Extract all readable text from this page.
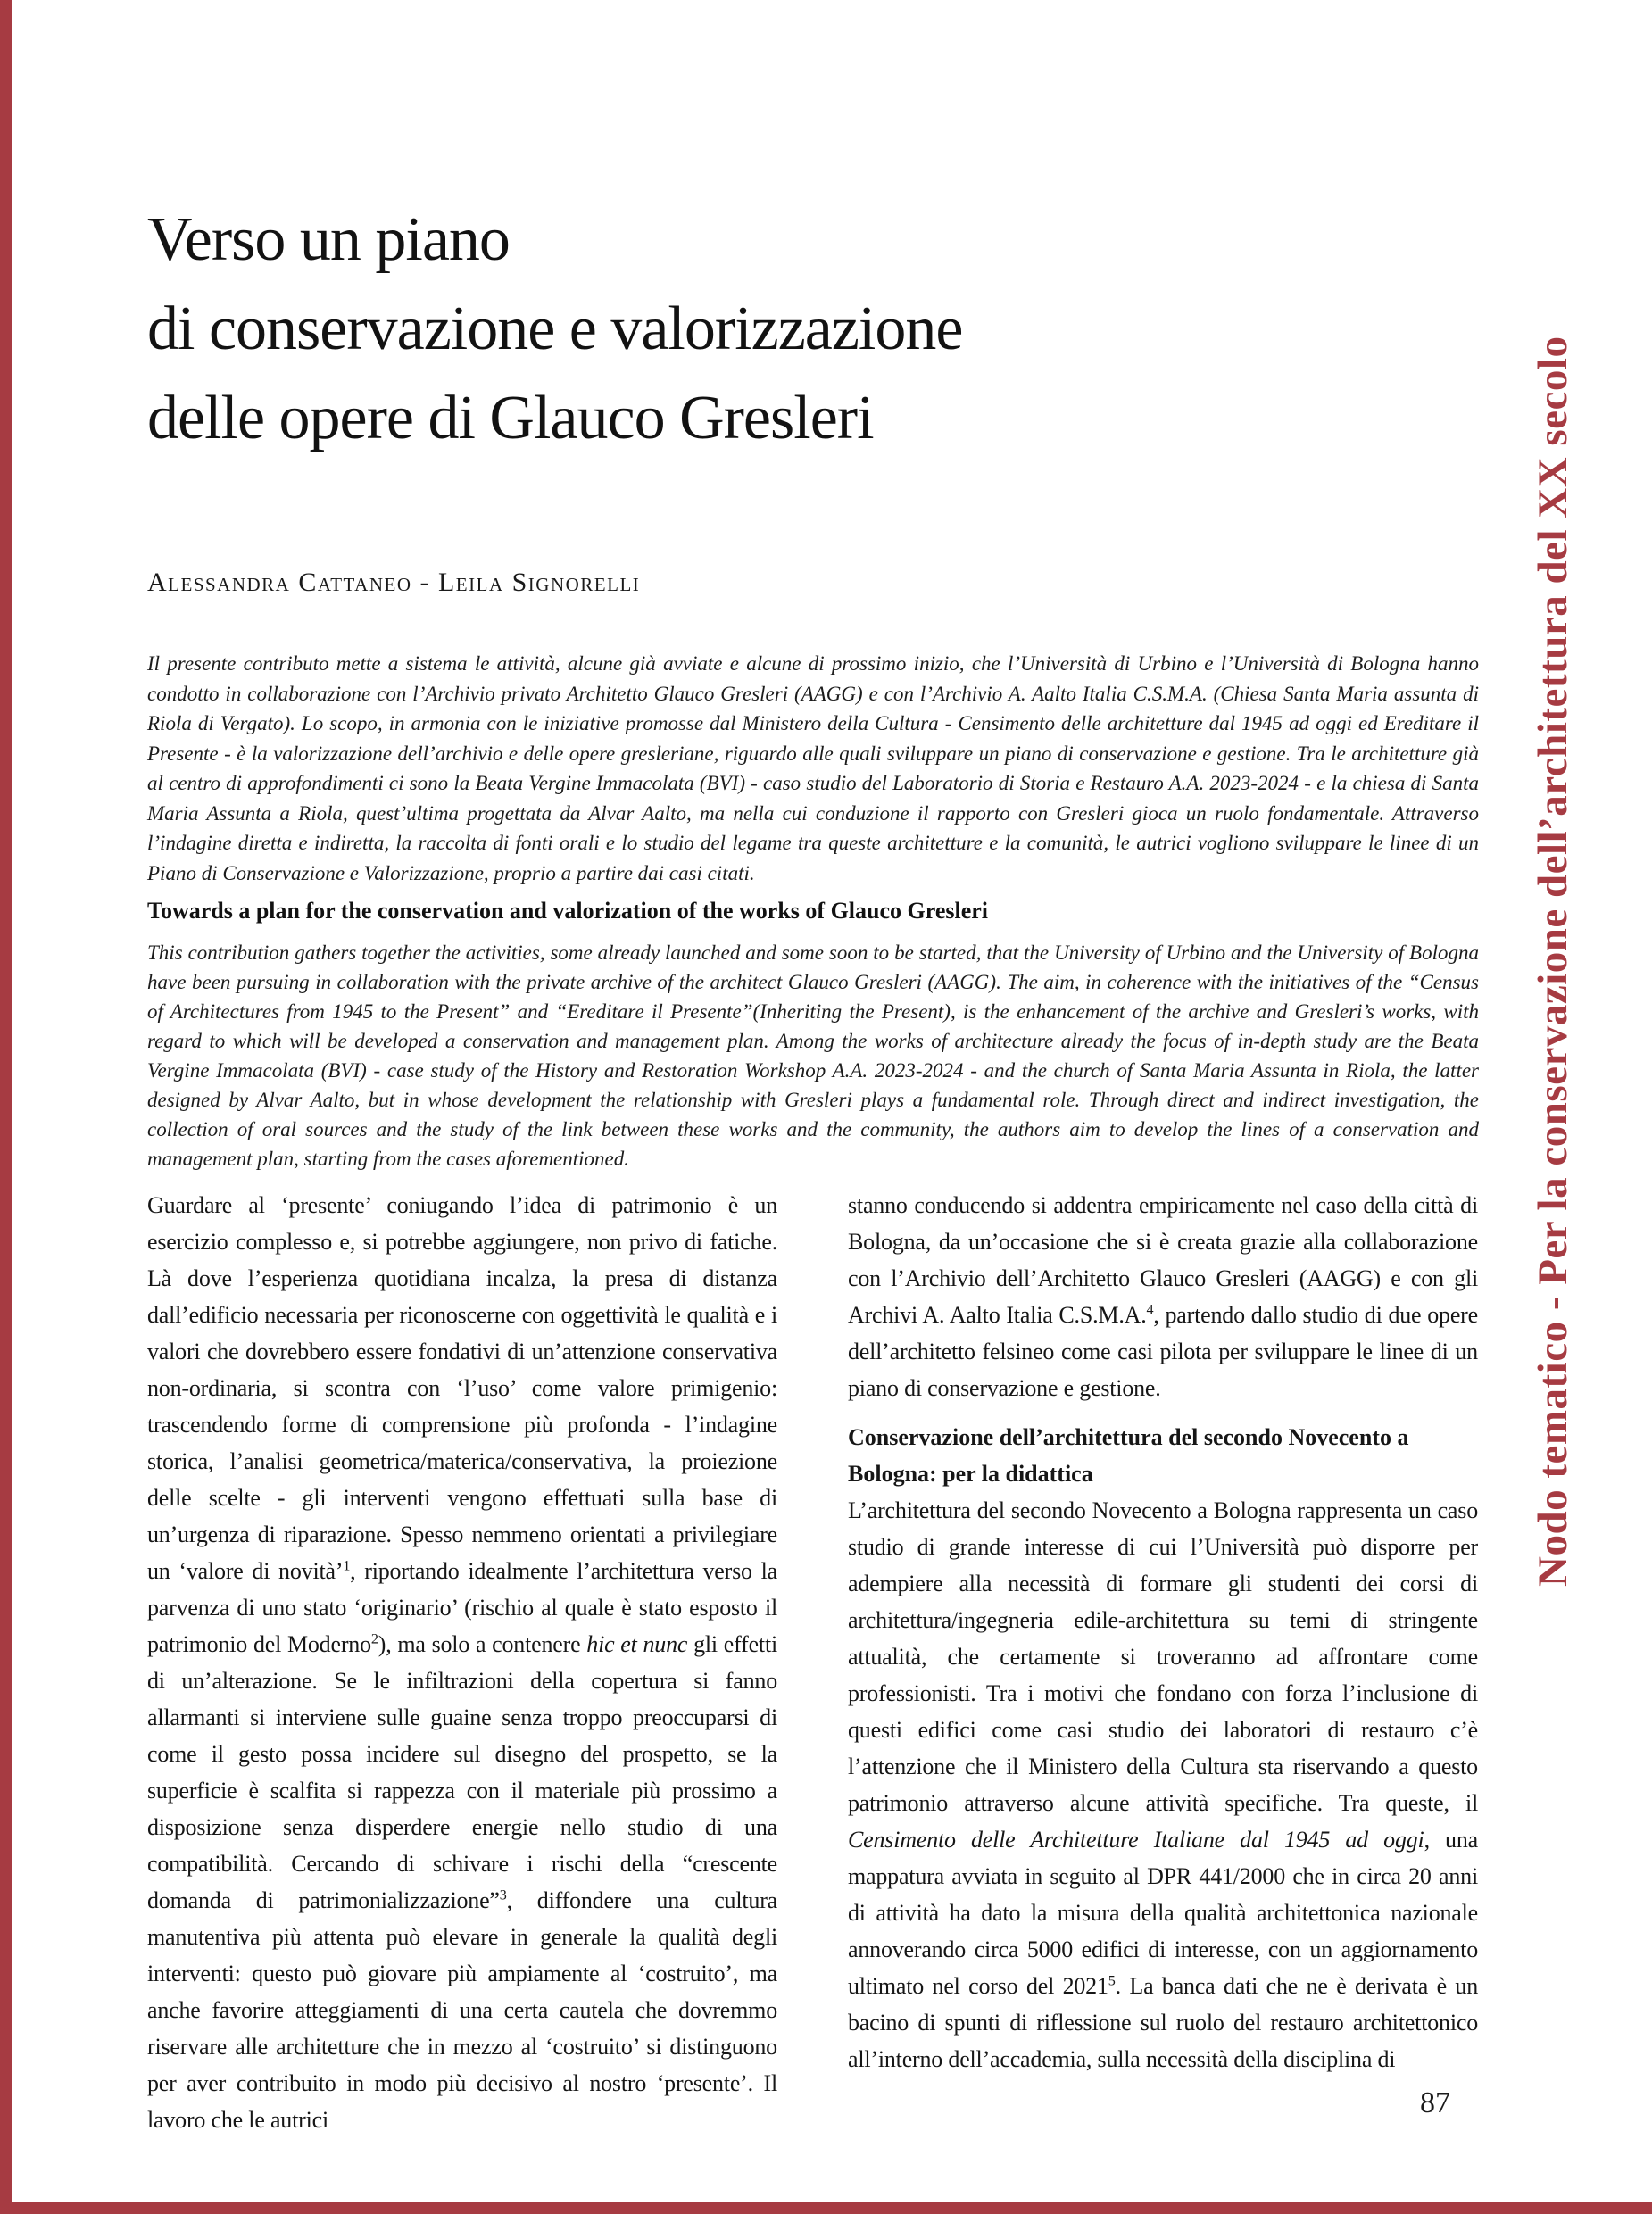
Verso un piano
di conservazione e valorizzazione
delle opere di Glauco Gresleri
Alessandra Cattaneo - Leila Signorelli
Il presente contributo mette a sistema le attività, alcune già avviate e alcune di prossimo inizio, che l’Università di Urbino e l’Università di Bologna hanno condotto in collaborazione con l’Archivio privato Architetto Glauco Gresleri (AAGG) e con l’Archivio A. Aalto Italia C.S.M.A. (Chiesa Santa Maria assunta di Riola di Vergato). Lo scopo, in armonia con le iniziative promosse dal Ministero della Cultura - Censimento delle architetture dal 1945 ad oggi ed Ereditare il Presente - è la valorizzazione dell’archivio e delle opere gresleriane, riguardo alle quali sviluppare un piano di conservazione e gestione. Tra le architetture già al centro di approfondimenti ci sono la Beata Vergine Immacolata (BVI) - caso studio del Laboratorio di Storia e Restauro A.A. 2023-2024 - e la chiesa di Santa Maria Assunta a Riola, quest’ultima progettata da Alvar Aalto, ma nella cui conduzione il rapporto con Gresleri gioca un ruolo fondamentale. Attraverso l’indagine diretta e indiretta, la raccolta di fonti orali e lo studio del legame tra queste architetture e la comunità, le autrici vogliono sviluppare le linee di un Piano di Conservazione e Valorizzazione, proprio a partire dai casi citati.
Towards a plan for the conservation and valorization of the works of Glauco Gresleri
This contribution gathers together the activities, some already launched and some soon to be started, that the University of Urbino and the University of Bologna have been pursuing in collaboration with the private archive of the architect Glauco Gresleri (AAGG). The aim, in coherence with the initiatives of the “Census of Architectures from 1945 to the Present” and “Ereditare il Presente”(Inheriting the Present), is the enhancement of the archive and Gresleri’s works, with regard to which will be developed a conservation and management plan. Among the works of architecture already the focus of in-depth study are the Beata Vergine Immacolata (BVI) - case study of the History and Restoration Workshop A.A. 2023-2024 - and the church of Santa Maria Assunta in Riola, the latter designed by Alvar Aalto, but in whose development the relationship with Gresleri plays a fundamental role. Through direct and indirect investigation, the collection of oral sources and the study of the link between these works and the community, the authors aim to develop the lines of a conservation and management plan, starting from the cases aforementioned.

Guardare al ‘presente’ coniugando l’idea di patrimonio è un esercizio complesso e, si potrebbe aggiungere, non privo di fatiche. Là dove l’esperienza quotidiana incalza, la presa di distanza dall’edificio necessaria per riconoscerne con oggettività le qualità e i valori che dovrebbero essere fondativi di un’attenzione conservativa non-ordinaria, si scontra con ‘l’uso’ come valore primigenio: trascendendo forme di comprensione più profonda - l’indagine storica, l’analisi geometrica/materica/conservativa, la proiezione delle scelte - gli interventi vengono effettuati sulla base di un’urgenza di riparazione. Spesso nemmeno orientati a privilegiare un ‘valore di novità’$^1$, riportando idealmente l’architettura verso la parvenza di uno stato ‘originario’ (rischio al quale è stato esposto il patrimonio del Moderno$^2$), ma solo a contenere hic et nunc gli effetti di un’alterazione. Se le infiltrazioni della copertura si fanno allarmanti si interviene sulle guaine senza troppo preoccuparsi di come il gesto possa incidere sul disegno del prospetto, se la superficie è scalfita si rappezza con il materiale più prossimo a disposizione senza disperdere energie nello studio di una compatibilità. Cercando di schivare i rischi della “crescente domanda di patrimonializzazione”$^3$, diffondere una cultura manutentiva più attenta può elevare in generale la qualità degli interventi: questo può giovare più ampiamente al ‘costruito’, ma anche favorire atteggiamenti di una certa cautela che dovremmo riservare alle architetture che in mezzo al ‘costruito’ si distinguono per aver contribuito in modo più decisivo al nostro ‘presente’. Il lavoro che le autrici

stanno conducendo si addentra empiricamente nel caso della città di Bologna, da un’occasione che si è creata grazie alla collaborazione con l’Archivio dell’Architetto Glauco Gresleri (AAGG) e con gli Archivi A. Aalto Italia C.S.M.A.$^4$, partendo dallo studio di due opere dell’architetto felsineo come casi pilota per sviluppare le linee di un piano di conservazione e gestione.

Conservazione dell’architettura del secondo Novecento a Bologna: per la didattica

L’architettura del secondo Novecento a Bologna rappresenta un caso studio di grande interesse di cui l’Università può disporre per adempiere alla necessità di formare gli studenti dei corsi di architettura/ingegneria edile-architettura su temi di stringente attualità, che certamente si troveranno ad affrontare come professionisti. Tra i motivi che fondano con forza l’inclusione di questi edifici come casi studio dei laboratori di restauro c’è l’attenzione che il Ministero della Cultura sta riservando a questo patrimonio attraverso alcune attività specifiche. Tra queste, il Censimento delle Architetture Italiane dal 1945 ad oggi, una mappatura avviata in seguito al DPR 441/2000 che in circa 20 anni di attività ha dato la misura della qualità architettonica nazionale annoverando circa 5000 edifici di interesse, con un aggiornamento ultimato nel corso del 2021$^5$. La banca dati che ne è derivata è un bacino di spunti di riflessione sul ruolo del restauro architettonico all’interno dell’accademia, sulla necessità della disciplina di

87
Nodo tematico - Per la conservazione dell’architettura del XX secolo
